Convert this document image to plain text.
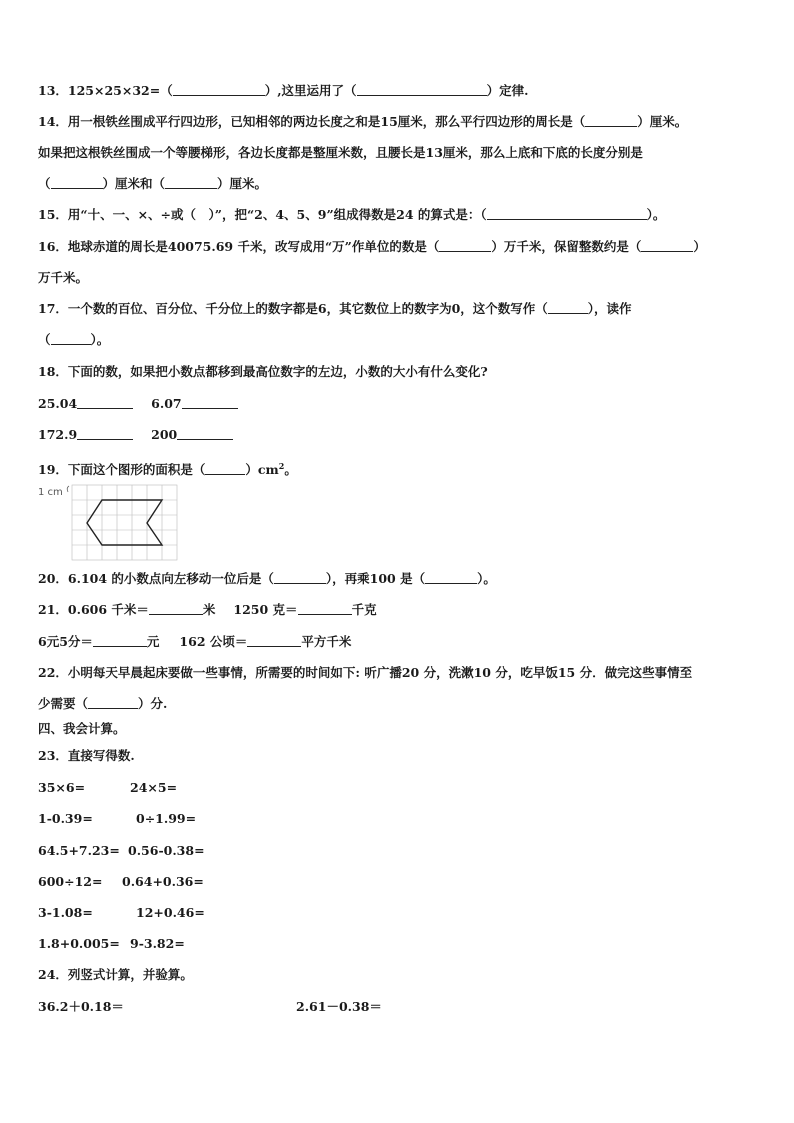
13．125×25×32=（	）,这里运用了（	）定律.
14．用一根铁丝围成平行四边形，已知相邻的两边长度之和是15厘米，那么平行四边形的周长是（	）厘米。
如果把这根铁丝围成一个等腰梯形，各边长度都是整厘米数，且腰长是13厘米，那么上底和下底的长度分别是
（	）厘米和（	）厘米。
15．用“十、一、×、÷或（　）”，把“2、4、5、9”组成得数是24 的算式是：（	）。
16．地球赤道的周长是40075.69 千米，改写成用“万”作单位的数是（	）万千米，保留整数约是（	）
万千米。
17．一个数的百位、百分位、千分位上的数字都是6，其它数位上的数字为0，这个数写作（	），读作
（	）。
18．下面的数，如果把小数点都移到最高位数字的左边，小数的大小有什么变化?
25.04	6.07
172.9	200
19．下面这个图形的面积是（	）$cm^2$。
1 cm
20．6.104 的小数点向左移动一位后是（	），再乘100 是（	）。
21．0.606 千米＝	米 1250 克＝	千克
6元5分＝	元 162 公顷＝	平方千米
22．小明每天早晨起床要做一些事情，所需要的时间如下: 听广播20 分，洗漱10 分，吃早饭15 分．做完这些事情至
少需要（	）分.
四、我会计算。
23．直接写得数.
35×6=	24×5=
1-0.39=	0÷1.99=
64.5+7.23= 0.56-0.38=
600÷12= 0.64+0.36=
3-1.08=	12+0.46=
1.8+0.005= 9-3.82=
24．列竖式计算，并验算。
36.2＋0.18＝	2.61－0.38＝
